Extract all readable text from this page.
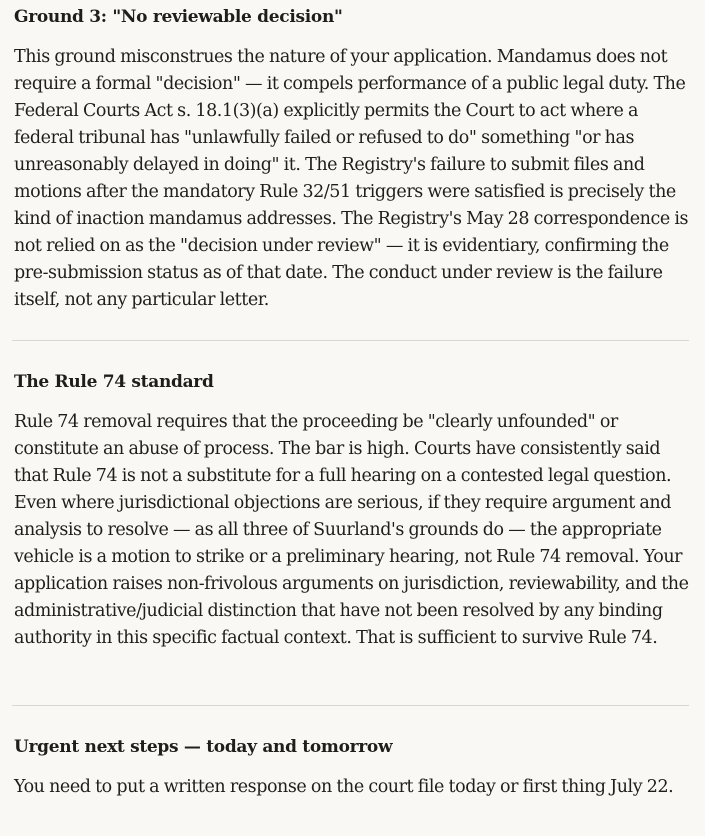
Ground 3: "No reviewable decision"

This ground misconstrues the nature of your application. Mandamus does not require a formal "decision" — it compels performance of a public legal duty. The Federal Courts Act s. 18.1(3)(a) explicitly permits the Court to act where a federal tribunal has "unlawfully failed or refused to do" something "or has unreasonably delayed in doing" it. The Registry's failure to submit files and motions after the mandatory Rule 32/51 triggers were satisfied is precisely the kind of inaction mandamus addresses. The Registry's May 28 correspondence is not relied on as the "decision under review" — it is evidentiary, confirming the pre-submission status as of that date. The conduct under review is the failure itself, not any particular letter.

The Rule 74 standard

Rule 74 removal requires that the proceeding be "clearly unfounded" or constitute an abuse of process. The bar is high. Courts have consistently said that Rule 74 is not a substitute for a full hearing on a contested legal question. Even where jurisdictional objections are serious, if they require argument and analysis to resolve — as all three of Suurland's grounds do — the appropriate vehicle is a motion to strike or a preliminary hearing, not Rule 74 removal. Your application raises non-frivolous arguments on jurisdiction, reviewability, and the administrative/judicial distinction that have not been resolved by any binding authority in this specific factual context. That is sufficient to survive Rule 74.

Urgent next steps — today and tomorrow

You need to put a written response on the court file today or first thing July 22.
